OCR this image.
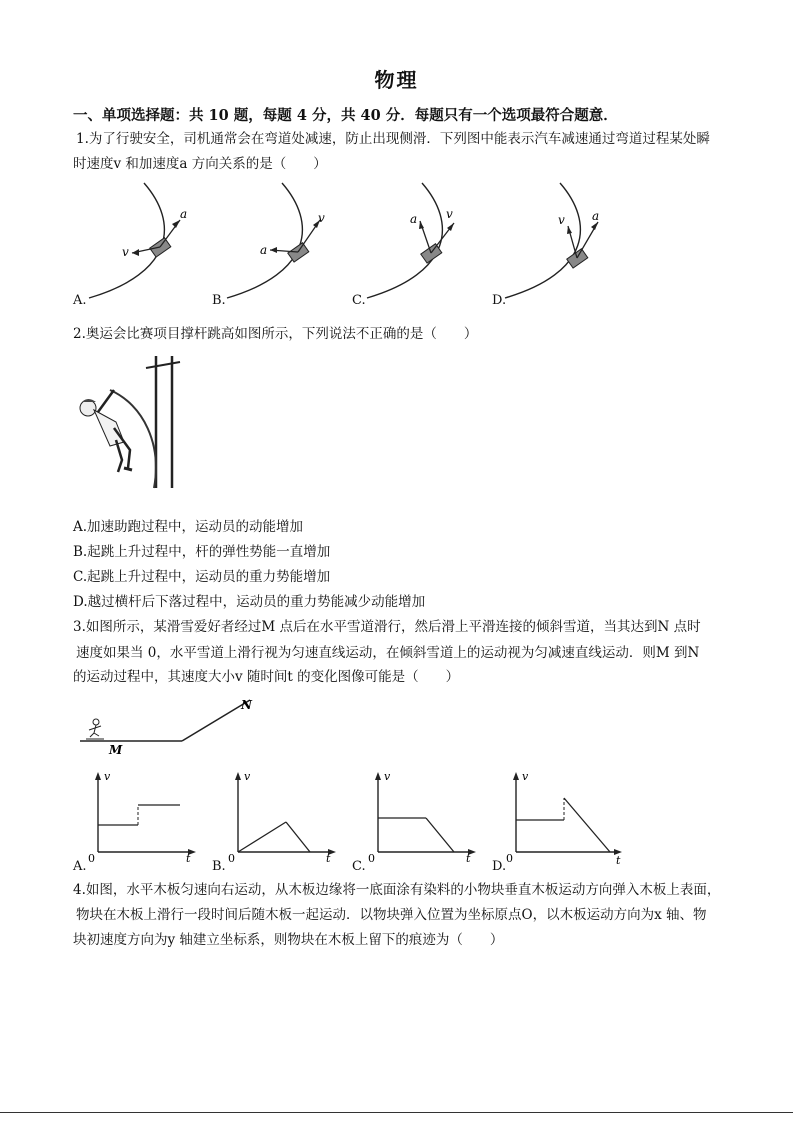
物理
一、单项选择题：共 10 题，每题 4 分，共 40 分．每题只有一个选项最符合题意．
1.为了行驶安全，司机通常会在弯道处减速，防止出现侧滑．下列图中能表示汽车减速通过弯道过程某处瞬
时速度v 和加速度a 方向关系的是（　　）
a
v
v
a
a v	v a
A.	B.	C.	D.
2.奥运会比赛项目撑杆跳高如图所示，下列说法不正确的是（　　）
A.加速助跑过程中，运动员的动能增加
B.起跳上升过程中，杆的弹性势能一直增加
C.起跳上升过程中，运动员的重力势能增加
D.越过横杆后下落过程中，运动员的重力势能减少动能增加
3.如图所示，某滑雪爱好者经过M 点后在水平雪道滑行，然后滑上平滑连接的倾斜雪道，当其达到N 点时
速度如果当 0，水平雪道上滑行视为匀速直线运动，在倾斜雪道上的运动视为匀减速直线运动．则M 到N
的运动过程中，其速度大小v 随时间t 的变化图像可能是（　　）
M
N
v
t
0
v
t
0
v
t
0
v
t
0
A.	B.	C.	D.
4.如图，水平木板匀速向右运动，从木板边缘将一底面涂有染料的小物块垂直木板运动方向弹入木板上表面，
物块在木板上滑行一段时间后随木板一起运动．以物块弹入位置为坐标原点O，以木板运动方向为x 轴、物
块初速度方向为y 轴建立坐标系，则物块在木板上留下的痕迹为（　　）
